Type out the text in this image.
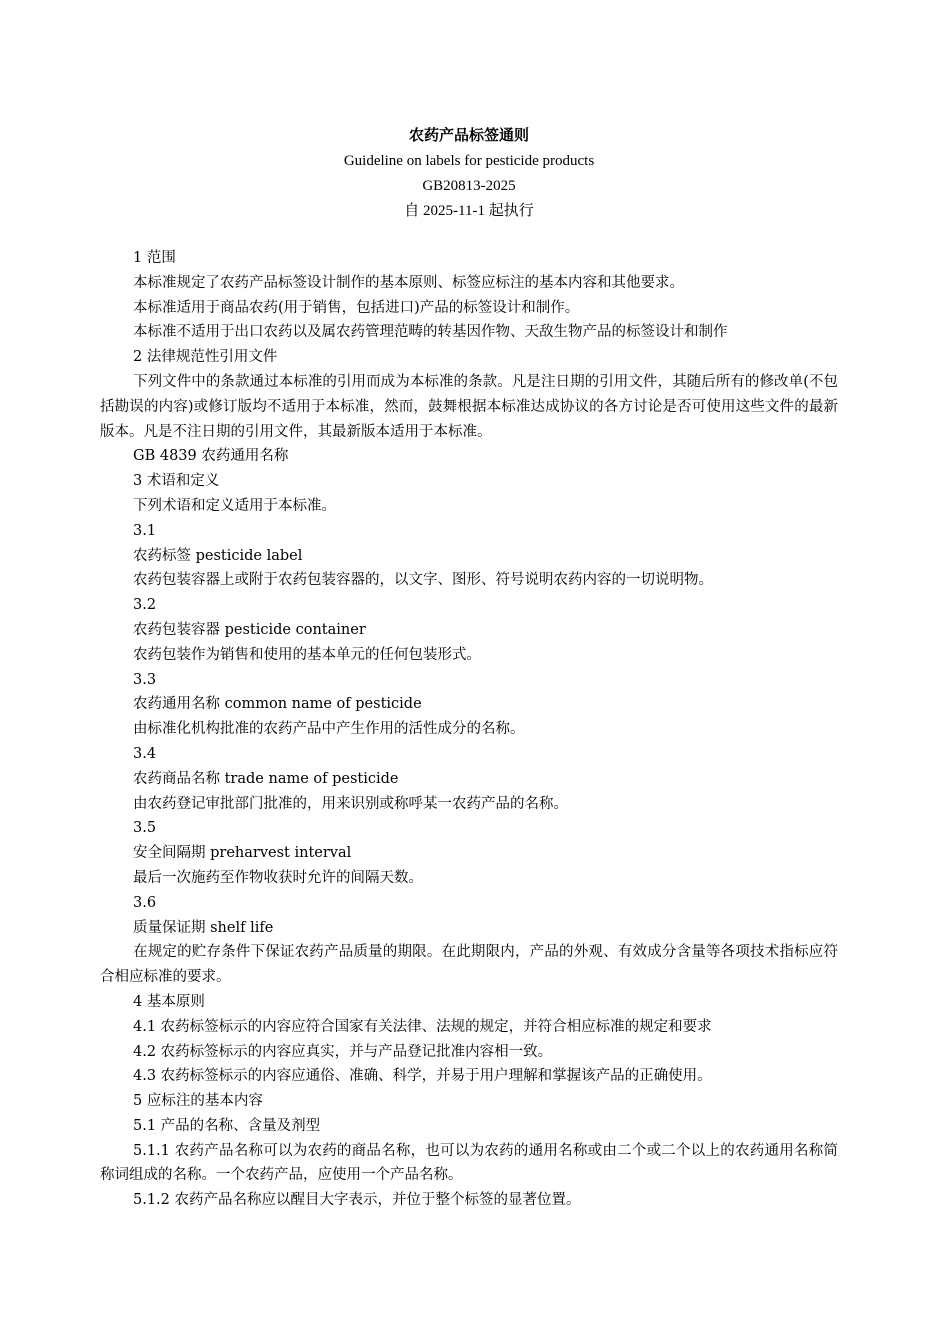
农药产品标签通则
Guideline on labels for pesticide products
GB20813-2025
自 2025-11-1 起执行

1 范围

本标准规定了农药产品标签设计制作的基本原则、标签应标注的基本内容和其他要求。

本标准适用于商品农药(用于销售，包括进口)产品的标签设计和制作。

本标准不适用于出口农药以及属农药管理范畴的转基因作物、天敌生物产品的标签设计和制作

2 法律规范性引用文件

下列文件中的条款通过本标准的引用而成为本标准的条款。凡是注日期的引用文件，其随后所有的修改单(不包括勘误的内容)或修订版均不适用于本标准，然而，鼓舞根据本标准达成协议的各方讨论是否可使用这些文件的最新版本。凡是不注日期的引用文件，其最新版本适用于本标准。

GB 4839 农药通用名称

3 术语和定义

下列术语和定义适用于本标准。

3.1

农药标签 pesticide label

农药包装容器上或附于农药包装容器的，以文字、图形、符号说明农药内容的一切说明物。

3.2

农药包装容器 pesticide container

农药包装作为销售和使用的基本单元的任何包装形式。

3.3

农药通用名称 common name of pesticide

由标准化机构批准的农药产品中产生作用的活性成分的名称。

3.4

农药商品名称 trade name of pesticide

由农药登记审批部门批准的，用来识别或称呼某一农药产品的名称。

3.5

安全间隔期 preharvest interval

最后一次施药至作物收获时允许的间隔天数。

3.6

质量保证期 shelf life

在规定的贮存条件下保证农药产品质量的期限。在此期限内，产品的外观、有效成分含量等各项技术指标应符合相应标准的要求。

4 基本原则

4.1 农药标签标示的内容应符合国家有关法律、法规的规定，并符合相应标准的规定和要求

4.2 农药标签标示的内容应真实，并与产品登记批准内容相一致。

4.3 农药标签标示的内容应通俗、准确、科学，并易于用户理解和掌握该产品的正确使用。

5 应标注的基本内容

5.1 产品的名称、含量及剂型

5.1.1 农药产品名称可以为农药的商品名称，也可以为农药的通用名称或由二个或二个以上的农药通用名称简称词组成的名称。一个农药产品，应使用一个产品名称。

5.1.2 农药产品名称应以醒目大字表示，并位于整个标签的显著位置。
